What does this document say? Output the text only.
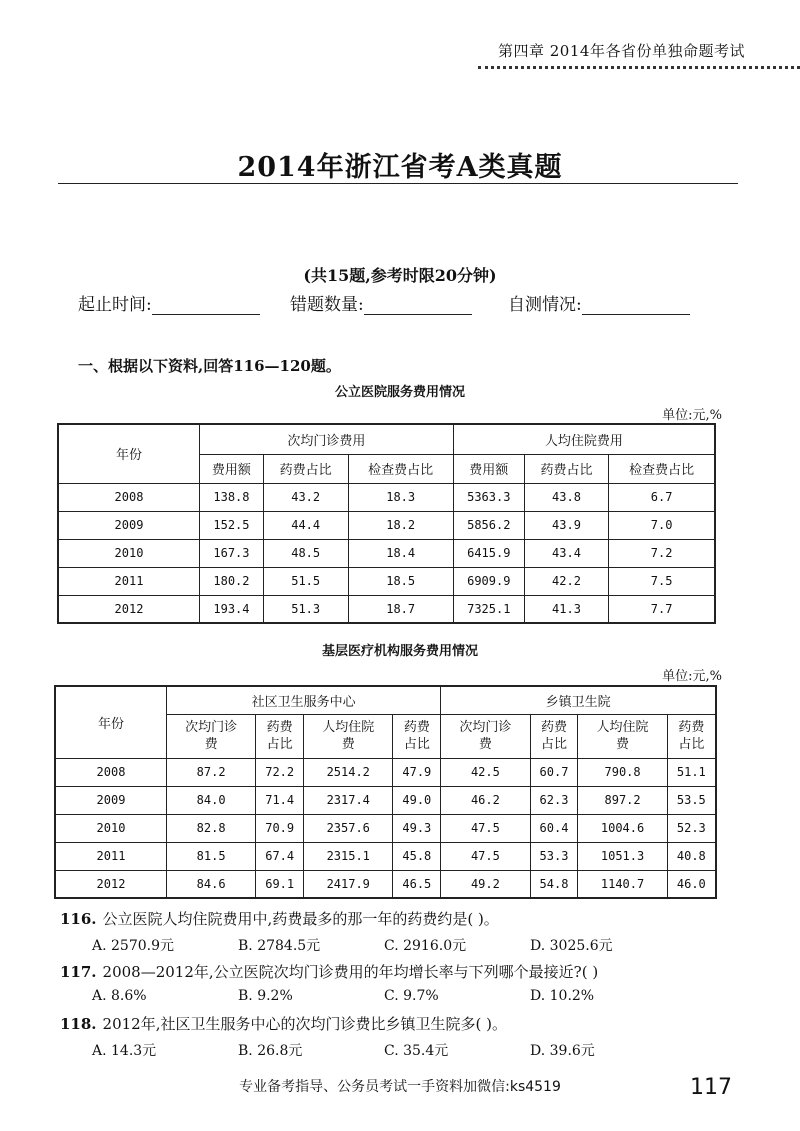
第四章 2014年各省份单独命题考试
2014年浙江省考A类真题
(共15题,参考时限20分钟)
起止时间:	错题数量:	自测情况:
一、根据以下资料,回答116—120题。
公立医院服务费用情况
单位:元,%
年份	次均门诊费用			人均住院费用		
	费用额	药费占比	检查费占比	费用额	药费占比	检查费占比
2008	138.8	43.2	18.3	5363.3	43.8	6.7
2009	152.5	44.4	18.2	5856.2	43.9	7.0
2010	167.3	48.5	18.4	6415.9	43.4	7.2
2011	180.2	51.5	18.5	6909.9	42.2	7.5
2012	193.4	51.3	18.7	7325.1	41.3	7.7
基层医疗机构服务费用情况
单位:元,%
年份	社区卫生服务中心				乡镇卫生院			
	次均门诊费	药费占比	人均住院费	药费占比	次均门诊费	药费占比	人均住院费	药费占比
2008	87.2	72.2	2514.2	47.9	42.5	60.7	790.8	51.1
2009	84.0	71.4	2317.4	49.0	46.2	62.3	897.2	53.5
2010	82.8	70.9	2357.6	49.3	47.5	60.4	1004.6	52.3
2011	81.5	67.4	2315.1	45.8	47.5	53.3	1051.3	40.8
2012	84.6	69.1	2417.9	46.5	49.2	54.8	1140.7	46.0
116. 公立医院人均住院费用中,药费最多的那一年的药费约是( )。
A. 2570.9元	B. 2784.5元	C. 2916.0元	D. 3025.6元
117. 2008—2012年,公立医院次均门诊费用的年均增长率与下列哪个最接近?( )
A. 8.6%	B. 9.2%	C. 9.7%	D. 10.2%
118. 2012年,社区卫生服务中心的次均门诊费比乡镇卫生院多( )。
A. 14.3元	B. 26.8元	C. 35.4元	D. 39.6元
专业备考指导、公务员考试一手资料加微信:ks4519	117
